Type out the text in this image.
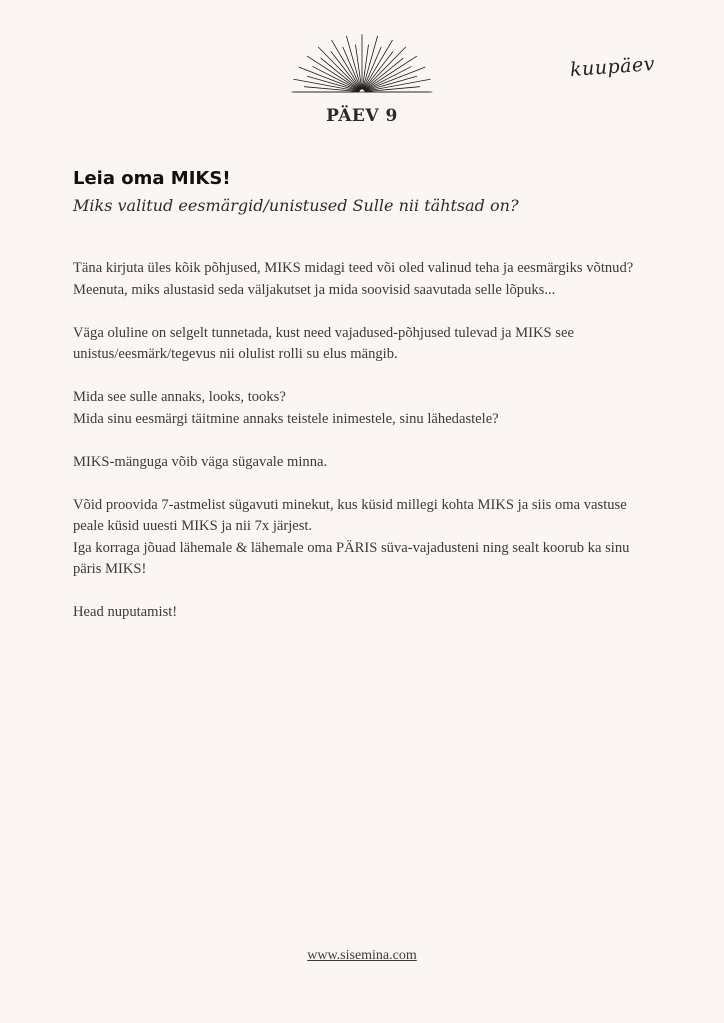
kuupäev
PÄEV 9
Leia oma MIKS!
Miks valitud eesmärgid/unistused Sulle nii tähtsad on?

Täna kirjuta üles kõik põhjused, MIKS midagi teed või oled valinud teha ja eesmärgiks võtnud?
Meenuta, miks alustasid seda väljakutset ja mida soovisid saavutada selle lõpuks...

Väga oluline on selgelt tunnetada, kust need vajadused-põhjused tulevad ja MIKS see
unistus/eesmärk/tegevus nii olulist rolli su elus mängib.

Mida see sulle annaks, looks, tooks?
Mida sinu eesmärgi täitmine annaks teistele inimestele, sinu lähedastele?

MIKS-mänguga võib väga sügavale minna.

Võid proovida 7-astmelist sügavuti minekut, kus küsid millegi kohta MIKS ja siis oma vastuse
peale küsid uuesti MIKS ja nii 7x järjest.
Iga korraga jõuad lähemale & lähemale oma PÄRIS süva-vajadusteni ning sealt koorub ka sinu
päris MIKS!

Head nuputamist!

www.sisemina.com
